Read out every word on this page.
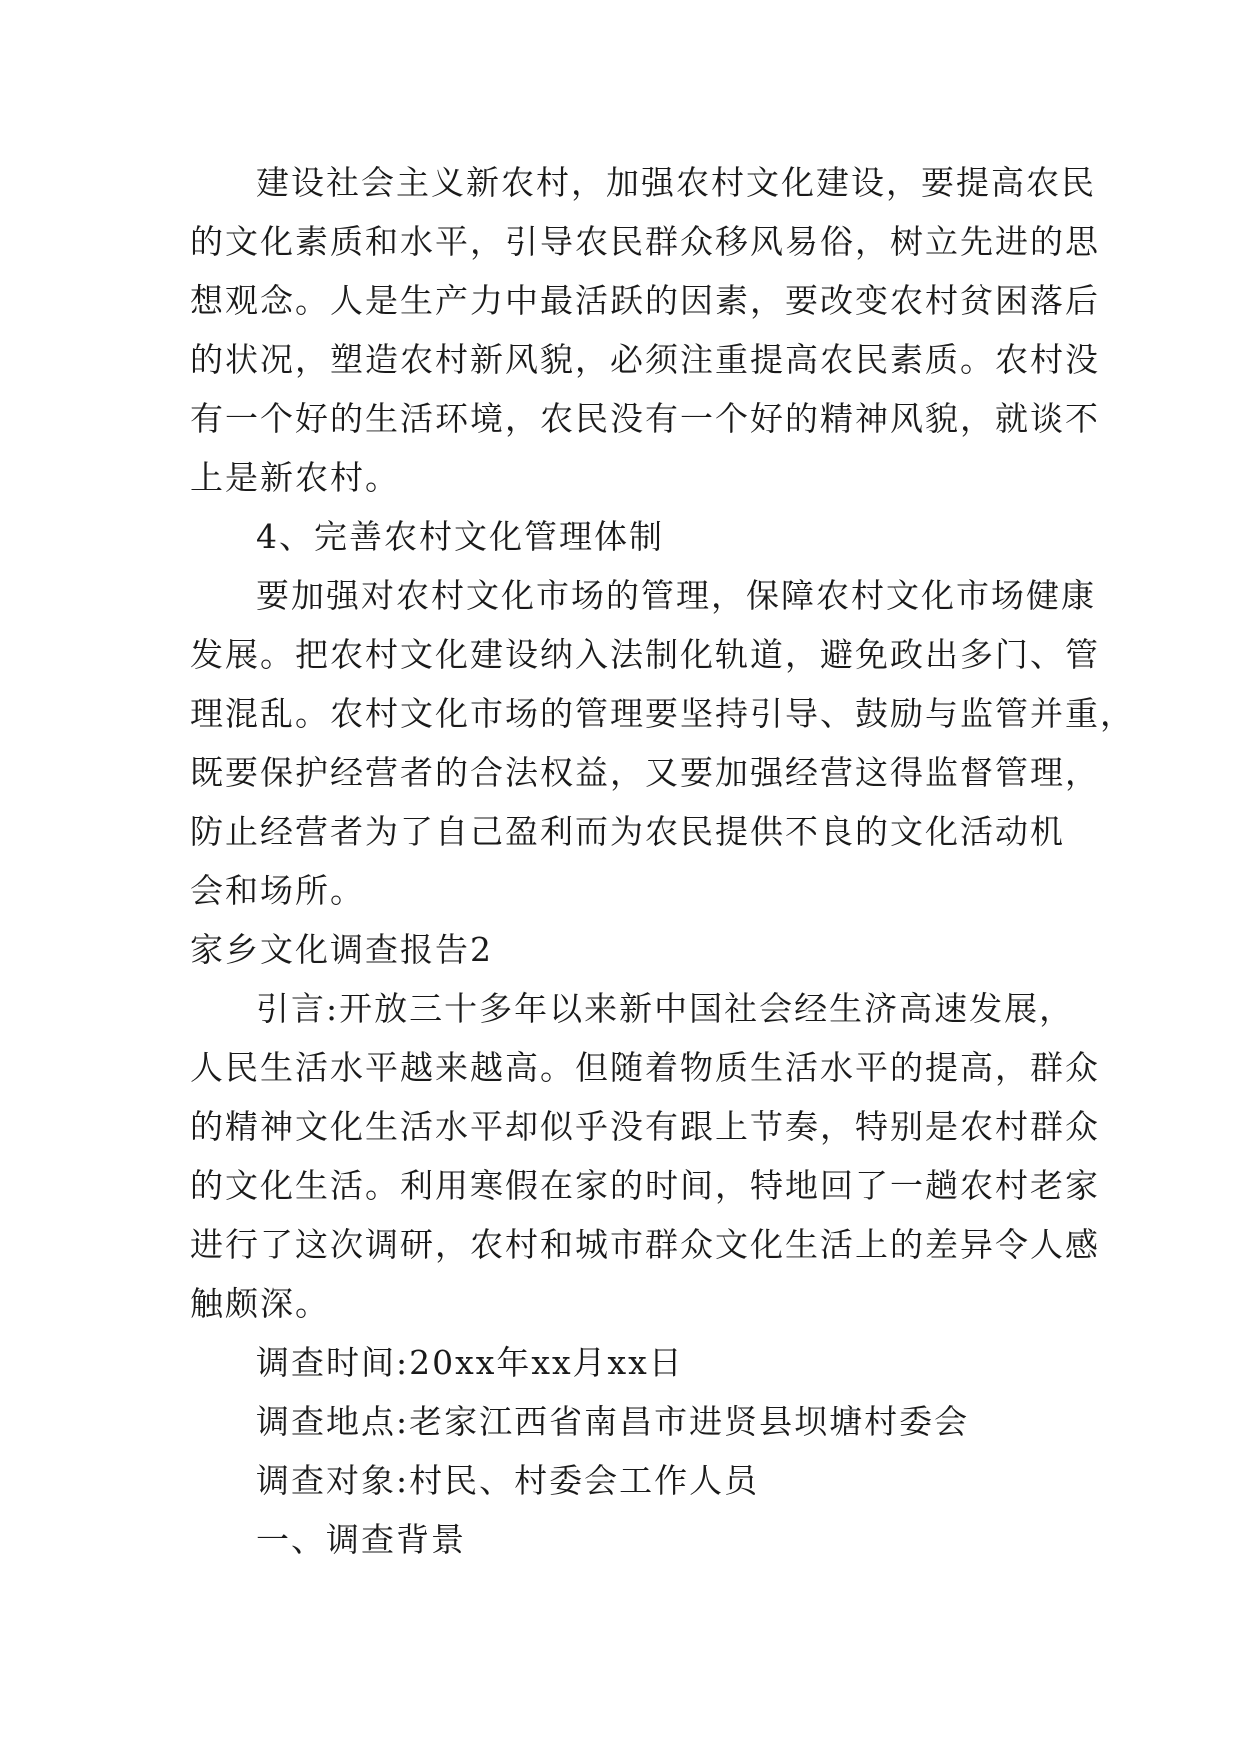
建设社会主义新农村，加强农村文化建设，要提高农民
的文化素质和水平，引导农民群众移风易俗，树立先进的思
想观念。人是生产力中最活跃的因素，要改变农村贫困落后
的状况，塑造农村新风貌，必须注重提高农民素质。农村没
有一个好的生活环境，农民没有一个好的精神风貌，就谈不
上是新农村。
4、完善农村文化管理体制
要加强对农村文化市场的管理，保障农村文化市场健康
发展。把农村文化建设纳入法制化轨道，避免政出多门、管
理混乱。农村文化市场的管理要坚持引导、鼓励与监管并重，
既要保护经营者的合法权益，又要加强经营这得监督管理，
防止经营者为了自己盈利而为农民提供不良的文化活动机
会和场所。
家乡文化调查报告2
引言:开放三十多年以来新中国社会经生济高速发展，
人民生活水平越来越高。但随着物质生活水平的提高，群众
的精神文化生活水平却似乎没有跟上节奏，特别是农村群众
的文化生活。利用寒假在家的时间，特地回了一趟农村老家
进行了这次调研，农村和城市群众文化生活上的差异令人感
触颇深。
调查时间:20xx年xx月xx日
调查地点:老家江西省南昌市进贤县坝塘村委会
调查对象:村民、村委会工作人员
一、调查背景
